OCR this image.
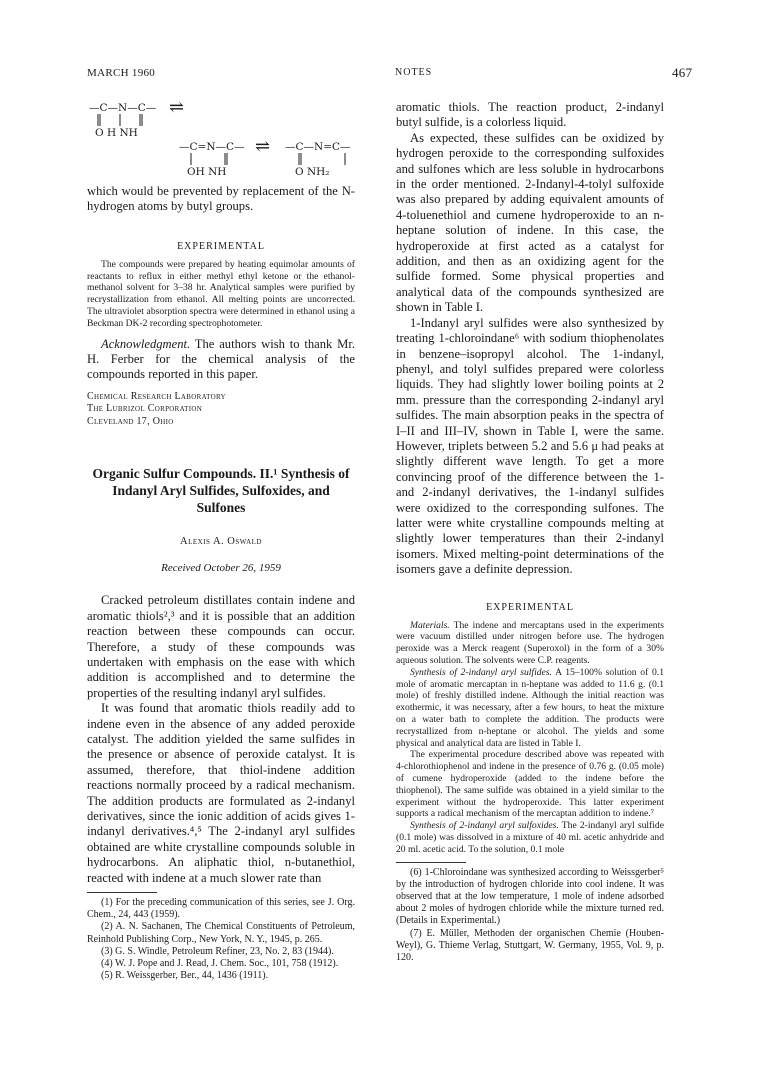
MARCH 1960	NOTES	467
—C—N—C—
O H NH
⇌
—C=N—C—
OH NH
⇌ —C—N=C—
O NH₂

which would be prevented by replacement of the N-hydrogen atoms by butyl groups.

EXPERIMENTAL

The compounds were prepared by heating equimolar amounts of reactants to reflux in either methyl ethyl ketone or the ethanol-methanol solvent for 3–38 hr. Analytical samples were purified by recrystallization from ethanol. All melting points are uncorrected. The ultraviolet absorption spectra were determined in ethanol using a Beckman DK-2 recording spectrophotometer.

Acknowledgment. The authors wish to thank Mr. H. Ferber for the chemical analysis of the compounds reported in this paper.

Chemical Research Laboratory

The Lubrizol Corporation

Cleveland 17, Ohio

Organic Sulfur Compounds. II.¹ Synthesis of Indanyl Aryl Sulfides, Sulfoxides, and Sulfones

Alexis A. Oswald

Received October 26, 1959

Cracked petroleum distillates contain indene and aromatic thiols²,³ and it is possible that an addition reaction between these compounds can occur. Therefore, a study of these compounds was undertaken with emphasis on the ease with which addition is accomplished and to determine the properties of the resulting indanyl aryl sulfides.

It was found that aromatic thiols readily add to indene even in the absence of any added peroxide catalyst. The addition yielded the same sulfides in the presence or absence of peroxide catalyst. It is assumed, therefore, that thiol-indene addition reactions normally proceed by a radical mechanism. The addition products are formulated as 2-indanyl derivatives, since the ionic addition of acids gives 1-indanyl derivatives.⁴,⁵ The 2-indanyl aryl sulfides obtained are white crystalline compounds soluble in hydrocarbons. An aliphatic thiol, n-butanethiol, reacted with indene at a much slower rate than

(1) For the preceding communication of this series, see J. Org. Chem., 24, 443 (1959).

(2) A. N. Sachanen, The Chemical Constituents of Petroleum, Reinhold Publishing Corp., New York, N. Y., 1945, p. 265.

(3) G. S. Windle, Petroleum Refiner, 23, No. 2, 83 (1944).

(4) W. J. Pope and J. Read, J. Chem. Soc., 101, 758 (1912).

(5) R. Weissgerber, Ber., 44, 1436 (1911).

aromatic thiols. The reaction product, 2-indanyl butyl sulfide, is a colorless liquid.

As expected, these sulfides can be oxidized by hydrogen peroxide to the corresponding sulfoxides and sulfones which are less soluble in hydrocarbons in the order mentioned. 2-Indanyl-4-tolyl sulfoxide was also prepared by adding equivalent amounts of 4-toluenethiol and cumene hydroperoxide to an n-heptane solution of indene. In this case, the hydroperoxide at first acted as a catalyst for addition, and then as an oxidizing agent for the sulfide formed. Some physical properties and analytical data of the compounds synthesized are shown in Table I.

1-Indanyl aryl sulfides were also synthesized by treating 1-chloroindane⁶ with sodium thiophenolates in benzene–isopropyl alcohol. The 1-indanyl, phenyl, and tolyl sulfides prepared were colorless liquids. They had slightly lower boiling points at 2 mm. pressure than the corresponding 2-indanyl aryl sulfides. The main absorption peaks in the spectra of I–II and III–IV, shown in Table I, were the same. However, triplets between 5.2 and 5.6 μ had peaks at slightly different wave length. To get a more convincing proof of the difference between the 1- and 2-indanyl derivatives, the 1-indanyl sulfides were oxidized to the corresponding sulfones. The latter were white crystalline compounds melting at slightly lower temperatures than their 2-indanyl isomers. Mixed melting-point determinations of the isomers gave a definite depression.

EXPERIMENTAL

Materials. The indene and mercaptans used in the experiments were vacuum distilled under nitrogen before use. The hydrogen peroxide was a Merck reagent (Superoxol) in the form of a 30% aqueous solution. The solvents were C.P. reagents.

Synthesis of 2-indanyl aryl sulfides. A 15–100% solution of 0.1 mole of aromatic mercaptan in n-heptane was added to 11.6 g. (0.1 mole) of freshly distilled indene. Although the initial reaction was exothermic, it was necessary, after a few hours, to heat the mixture on a water bath to complete the addition. The products were recrystallized from n-heptane or alcohol. The yields and some physical and analytical data are listed in Table I.

The experimental procedure described above was repeated with 4-chlorothiophenol and indene in the presence of 0.76 g. (0.05 mole) of cumene hydroperoxide (added to the indene before the thiophenol). The same sulfide was obtained in a yield similar to the experiment without the hydroperoxide. This latter experiment supports a radical mechanism of the mercaptan addition to indene.⁷

Synthesis of 2-indanyl aryl sulfoxides. The 2-indanyl aryl sulfide (0.1 mole) was dissolved in a mixture of 40 ml. acetic anhydride and 20 ml. acetic acid. To the solution, 0.1 mole

(6) 1-Chloroindane was synthesized according to Weissgerber⁵ by the introduction of hydrogen chloride into cool indene. It was observed that at the low temperature, 1 mole of indene adsorbed about 2 moles of hydrogen chloride while the mixture turned red. (Details in Experimental.)

(7) E. Müller, Methoden der organischen Chemie (Houben-Weyl), G. Thieme Verlag, Stuttgart, W. Germany, 1955, Vol. 9, p. 120.
